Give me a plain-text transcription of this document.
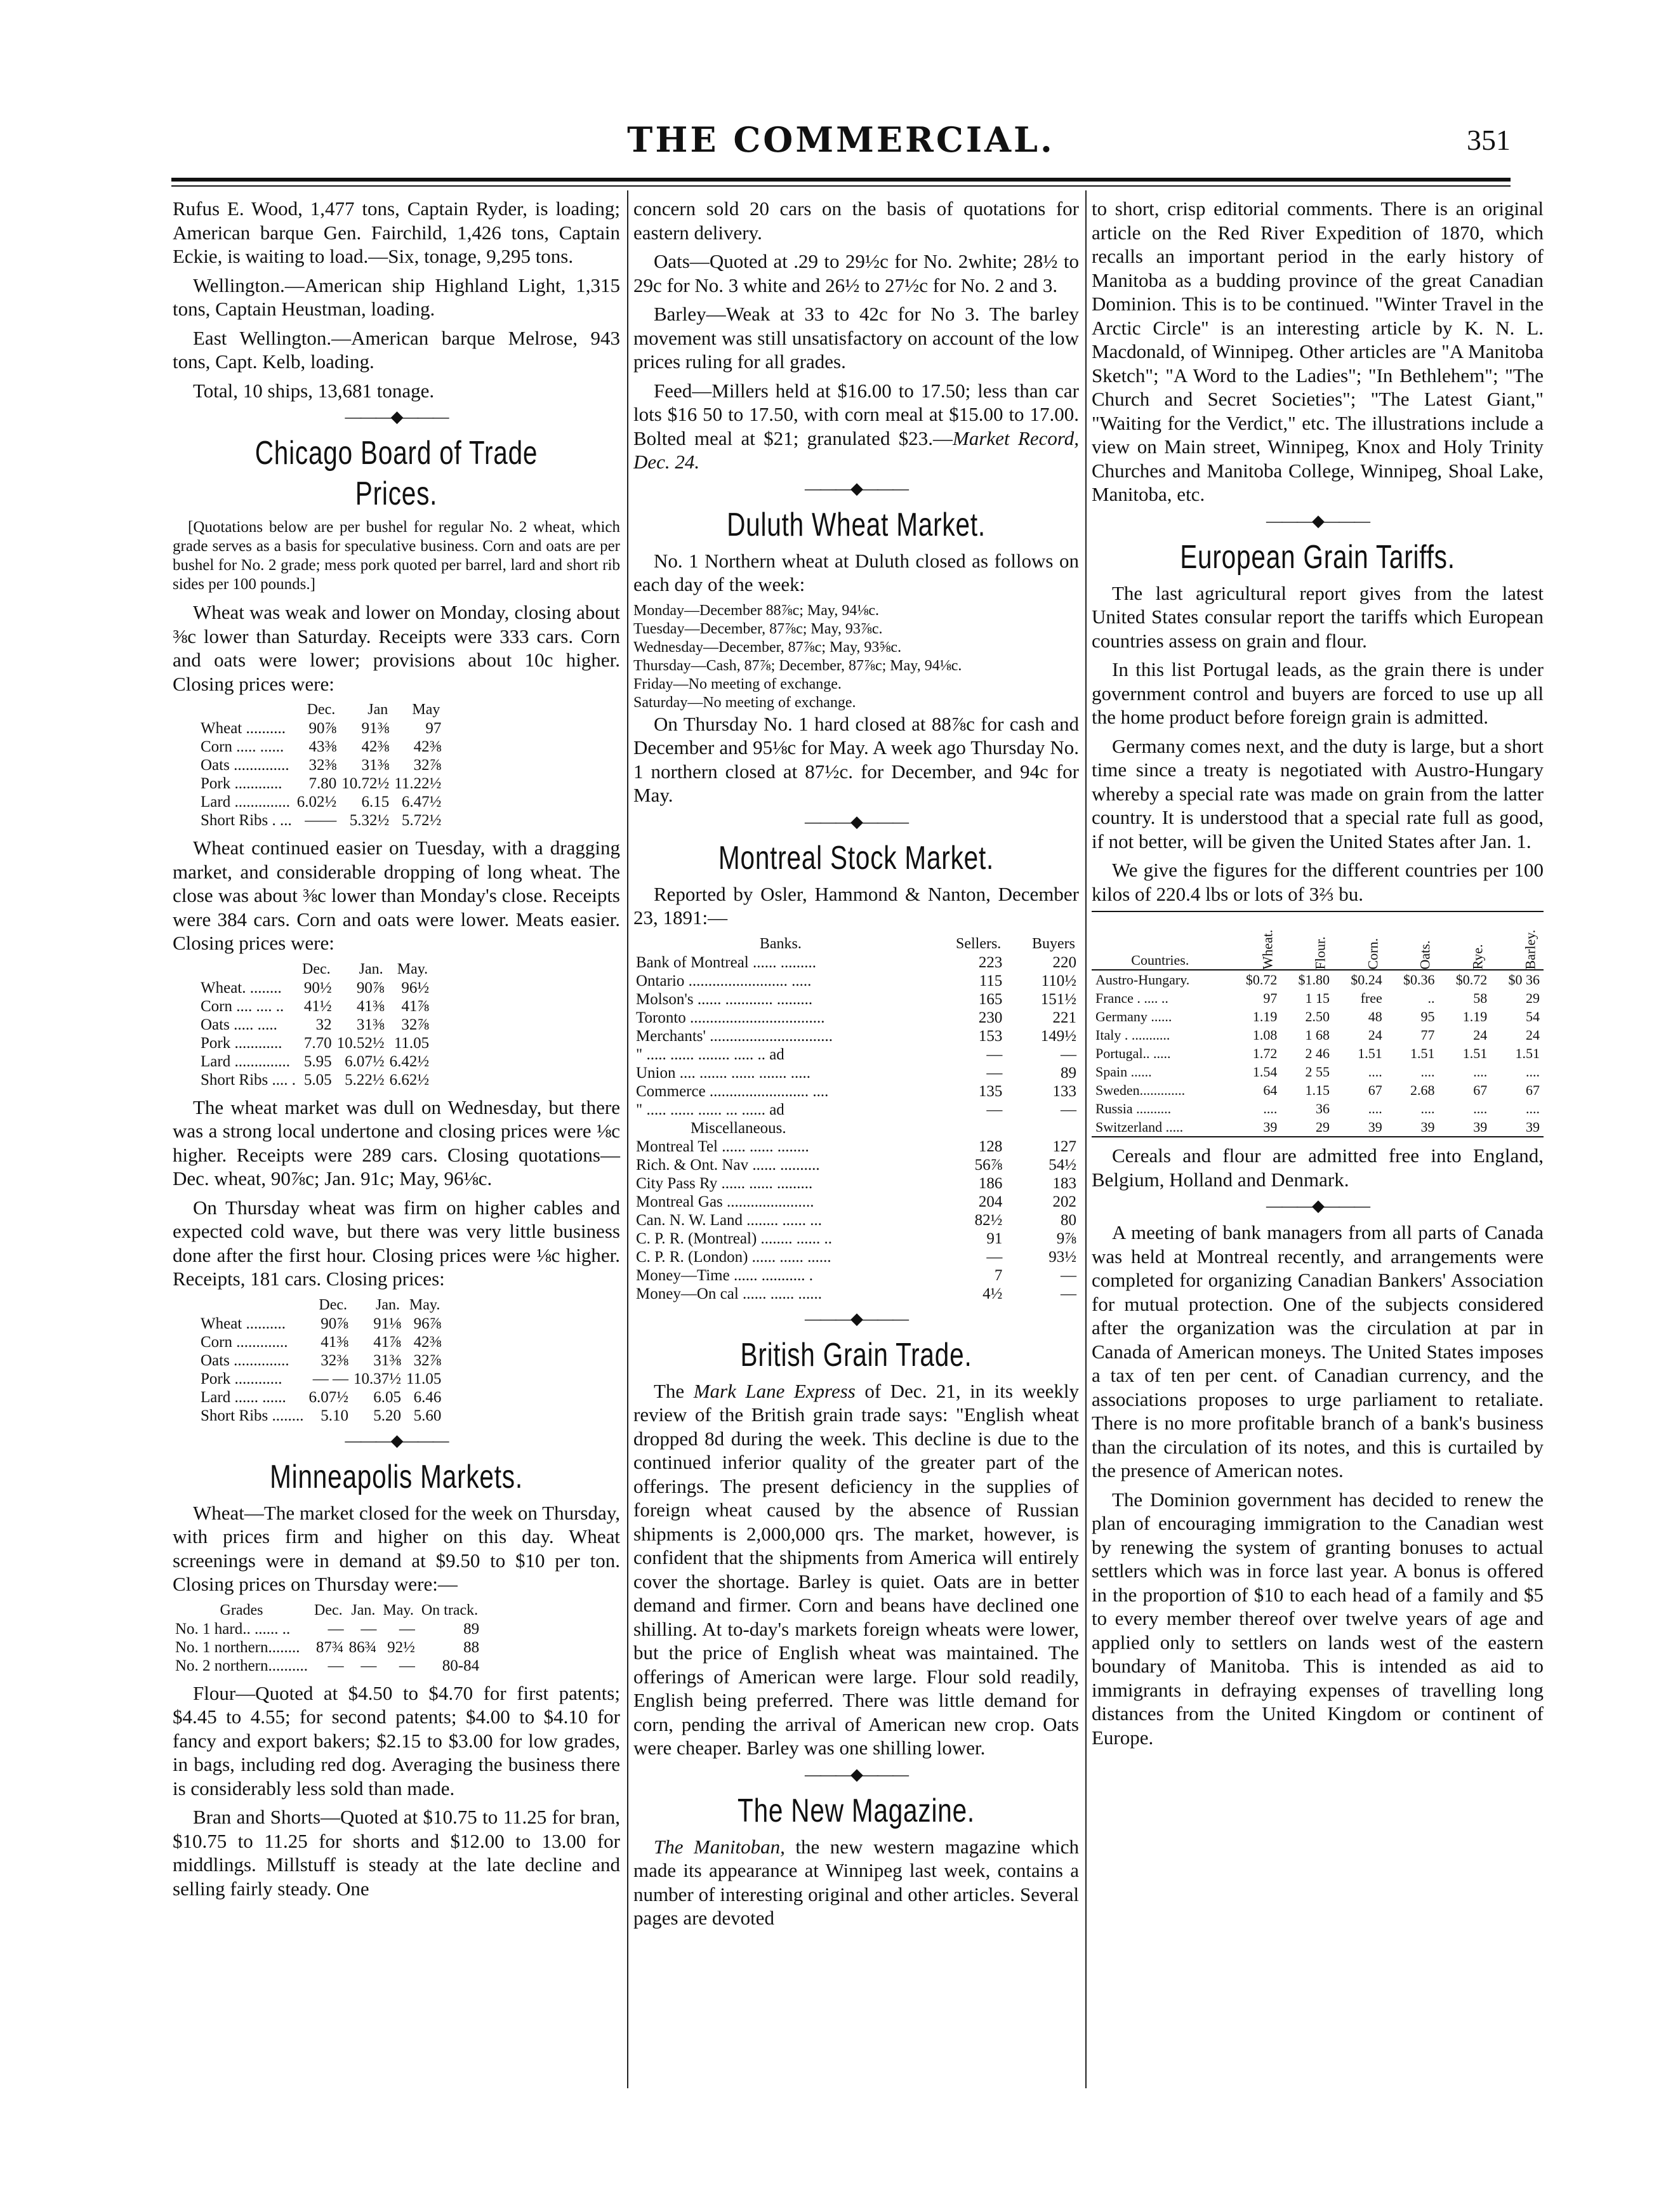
THE COMMERCIAL.	351

Rufus E. Wood, 1,477 tons, Captain Ryder, is loading; American barque Gen. Fairchild, 1,426 tons, Captain Eckie, is waiting to load.—Six, tonage, 9,295 tons.

Wellington.—American ship Highland Light, 1,315 tons, Captain Heustman, loading.

East Wellington.—American barque Melrose, 943 tons, Capt. Kelb, loading.

Total, 10 ships, 13,681 tonage.

———◆———
Chicago Board of Trade Prices.

[Quotations below are per bushel for regular No. 2 wheat, which grade serves as a basis for speculative business. Corn and oats are per bushel for No. 2 grade; mess pork quoted per barrel, lard and short rib sides per 100 pounds.]

Wheat was weak and lower on Monday, closing about ⅜c lower than Saturday. Receipts were 333 cars. Corn and oats were lower; provisions about 10c higher. Closing prices were:

	Dec.	Jan	May
Wheat ..........	90⅞	91⅜	97
Corn ..... ......	43⅜	42⅜	42⅜
Oats ..............	32⅜	31⅜	32⅞
Pork ............	7.80	10.72½	11.22½
Lard ..............	6.02½	6.15	6.47½
Short Ribs . ...	——	5.32½	5.72½

Wheat continued easier on Tuesday, with a dragging market, and considerable dropping of long wheat. The close was about ⅜c lower than Monday's close. Receipts were 384 cars. Corn and oats were lower. Meats easier. Closing prices were:

	Dec.	Jan.	May.
Wheat. ........	90½	90⅞	96½
Corn .... .... ..	41½	41⅜	41⅞
Oats ..... .....	32	31⅜	32⅞
Pork ............	7.70	10.52½	11.05
Lard ..............	5.95	6.07½	6.42½
Short Ribs .... .	5.05	5.22½	6.62½

The wheat market was dull on Wednesday, but there was a strong local undertone and closing prices were ⅛c higher. Receipts were 289 cars. Closing quotations—Dec. wheat, 90⅞c; Jan. 91c; May, 96⅛c.

On Thursday wheat was firm on higher cables and expected cold wave, but there was very little business done after the first hour. Closing prices were ⅛c higher. Receipts, 181 cars. Closing prices:

	Dec.	Jan.	May.
Wheat ..........	90⅞	91⅛	96⅞
Corn .............	41⅜	41⅞	42⅜
Oats ..............	32⅜	31⅜	32⅞
Pork ............	— —	10.37½	11.05
Lard ...... ......	6.07½	6.05	6.46
Short Ribs ........	5.10	5.20	5.60
———◆———
Minneapolis Markets.

Wheat—The market closed for the week on Thursday, with prices firm and higher on this day. Wheat screenings were in demand at $9.50 to $10 per ton. Closing prices on Thursday were:—

Grades	Dec.	Jan.	May.	On track.
No. 1 hard.. ...... ..	—	—	—	89
No. 1 northern........	87¾	86¾	92½	88
No. 2 northern..........	—	—	—	80-84

Flour—Quoted at $4.50 to $4.70 for first patents; $4.45 to 4.55; for second patents; $4.00 to $4.10 for fancy and export bakers; $2.15 to $3.00 for low grades, in bags, including red dog. Averaging the business there is considerably less sold than made.

Bran and Shorts—Quoted at $10.75 to 11.25 for bran, $10.75 to 11.25 for shorts and $12.00 to 13.00 for middlings. Millstuff is steady at the late decline and selling fairly steady. One

concern sold 20 cars on the basis of quotations for eastern delivery.

Oats—Quoted at .29 to 29½c for No. 2white; 28½ to 29c for No. 3 white and 26½ to 27½c for No. 2 and 3.

Barley—Weak at 33 to 42c for No 3. The barley movement was still unsatisfactory on account of the low prices ruling for all grades.

Feed—Millers held at $16.00 to 17.50; less than car lots $16 50 to 17.50, with corn meal at $15.00 to 17.00. Bolted meal at $21; granulated $23.—Market Record, Dec. 24.

———◆———
Duluth Wheat Market.

No. 1 Northern wheat at Duluth closed as follows on each day of the week:

Monday—December 88⅞c; May, 94⅛c.

Tuesday—December, 87⅞c; May, 93⅞c.

Wednesday—December, 87⅞c; May, 93⅝c.

Thursday—Cash, 87⅞; December, 87⅞c; May, 94⅛c.

Friday—No meeting of exchange.

Saturday—No meeting of exchange.

On Thursday No. 1 hard closed at 88⅞c for cash and December and 95⅛c for May. A week ago Thursday No. 1 northern closed at 87½c. for December, and 94c for May.

———◆———
Montreal Stock Market.

Reported by Osler, Hammond & Nanton, December 23, 1891:—

Banks.	Sellers.	Buyers
Bank of Montreal ...... .........	223	220
Ontario ......................... .....	115	110½
Molson's ...... ............ .........	165	151½
Toronto ..................................	230	221
Merchants' ...............................	153	149½
" ..... ...... ........ ..... .. ad	—	—
Union .... ....... ...... ....... .....	—	89
Commerce ......................... ....	135	133
" ..... ...... ...... ... ...... ad	—	—
Miscellaneous.		
Montreal Tel ...... ...... ........	128	127
Rich. & Ont. Nav ...... ..........	56⅞	54½
City Pass Ry ...... ...... .........	186	183
Montreal Gas ......................	204	202
Can. N. W. Land ........ ...... ...	82½	80
C. P. R. (Montreal) ........ ...... ..	91	9⅞
C. P. R. (London) ...... ...... ......	—	93½
Money—Time ...... ........... .	7	—
Money—On cal ...... ...... ......	4½	—
———◆———
British Grain Trade.

The Mark Lane Express of Dec. 21, in its weekly review of the British grain trade says: "English wheat dropped 8d during the week. This decline is due to the continued inferior quality of the greater part of the offerings. The present deficiency in the supplies of foreign wheat caused by the absence of Russian shipments is 2,000,000 qrs. The market, however, is confident that the shipments from America will entirely cover the shortage. Barley is quiet. Oats are in better demand and firmer. Corn and beans have declined one shilling. At to-day's markets foreign wheats were lower, but the price of English wheat was maintained. The offerings of American were large. Flour sold readily, English being preferred. There was little demand for corn, pending the arrival of American new crop. Oats were cheaper. Barley was one shilling lower.

———◆———
The New Magazine.

The Manitoban, the new western magazine which made its appearance at Winnipeg last week, contains a number of interesting original and other articles. Several pages are devoted

to short, crisp editorial comments. There is an original article on the Red River Expedition of 1870, which recalls an important period in the early history of Manitoba as a budding province of the great Canadian Dominion. This is to be continued. "Winter Travel in the Arctic Circle" is an interesting article by K. N. L. Macdonald, of Winnipeg. Other articles are "A Manitoba Sketch"; "A Word to the Ladies"; "In Bethlehem"; "The Church and Secret Societies"; "The Latest Giant," "Waiting for the Verdict," etc. The illustrations include a view on Main street, Winnipeg, Knox and Holy Trinity Churches and Manitoba College, Winnipeg, Shoal Lake, Manitoba, etc.

———◆———
European Grain Tariffs.

The last agricultural report gives from the latest United States consular report the tariffs which European countries assess on grain and flour.

In this list Portugal leads, as the grain there is under government control and buyers are forced to use up all the home product before foreign grain is admitted.

Germany comes next, and the duty is large, but a short time since a treaty is negotiated with Austro-Hungary whereby a special rate was made on grain from the latter country. It is understood that a special rate full as good, if not better, will be given the United States after Jan. 1.

We give the figures for the different countries per 100 kilos of 220.4 lbs or lots of 3⅔ bu.

Countries.	Wheat.	Flour.	Corn.	Oats.	Rye.	Barley.
Austro-Hungary.	$0.72	$1.80	$0.24	$0.36	$0.72	$0 36
France . .... ..	97	1 15	free	..	58	29
Germany ......	1.19	2.50	48	95	1.19	54
Italy . ...........	1.08	1 68	24	77	24	24
Portugal.. .....	1.72	2 46	1.51	1.51	1.51	1.51
Spain ......	1.54	2 55	....	....	....	....
Sweden.............	64	1.15	67	2.68	67	67
Russia ..........	....	36	....	....	....	....
Switzerland .....	39	29	39	39	39	39

Cereals and flour are admitted free into England, Belgium, Holland and Denmark.

———◆———

A meeting of bank managers from all parts of Canada was held at Montreal recently, and arrangements were completed for organizing Canadian Bankers' Association for mutual protection. One of the subjects considered after the organization was the circulation at par in Canada of American moneys. The United States imposes a tax of ten per cent. of Canadian currency, and the associations proposes to urge parliament to retaliate. There is no more profitable branch of a bank's business than the circulation of its notes, and this is curtailed by the presence of American notes.

The Dominion government has decided to renew the plan of encouraging immigration to the Canadian west by renewing the system of granting bonuses to actual settlers which was in force last year. A bonus is offered in the proportion of $10 to each head of a family and $5 to every member thereof over twelve years of age and applied only to settlers on lands west of the eastern boundary of Manitoba. This is intended as aid to immigrants in defraying expenses of travelling long distances from the United Kingdom or continent of Europe.
